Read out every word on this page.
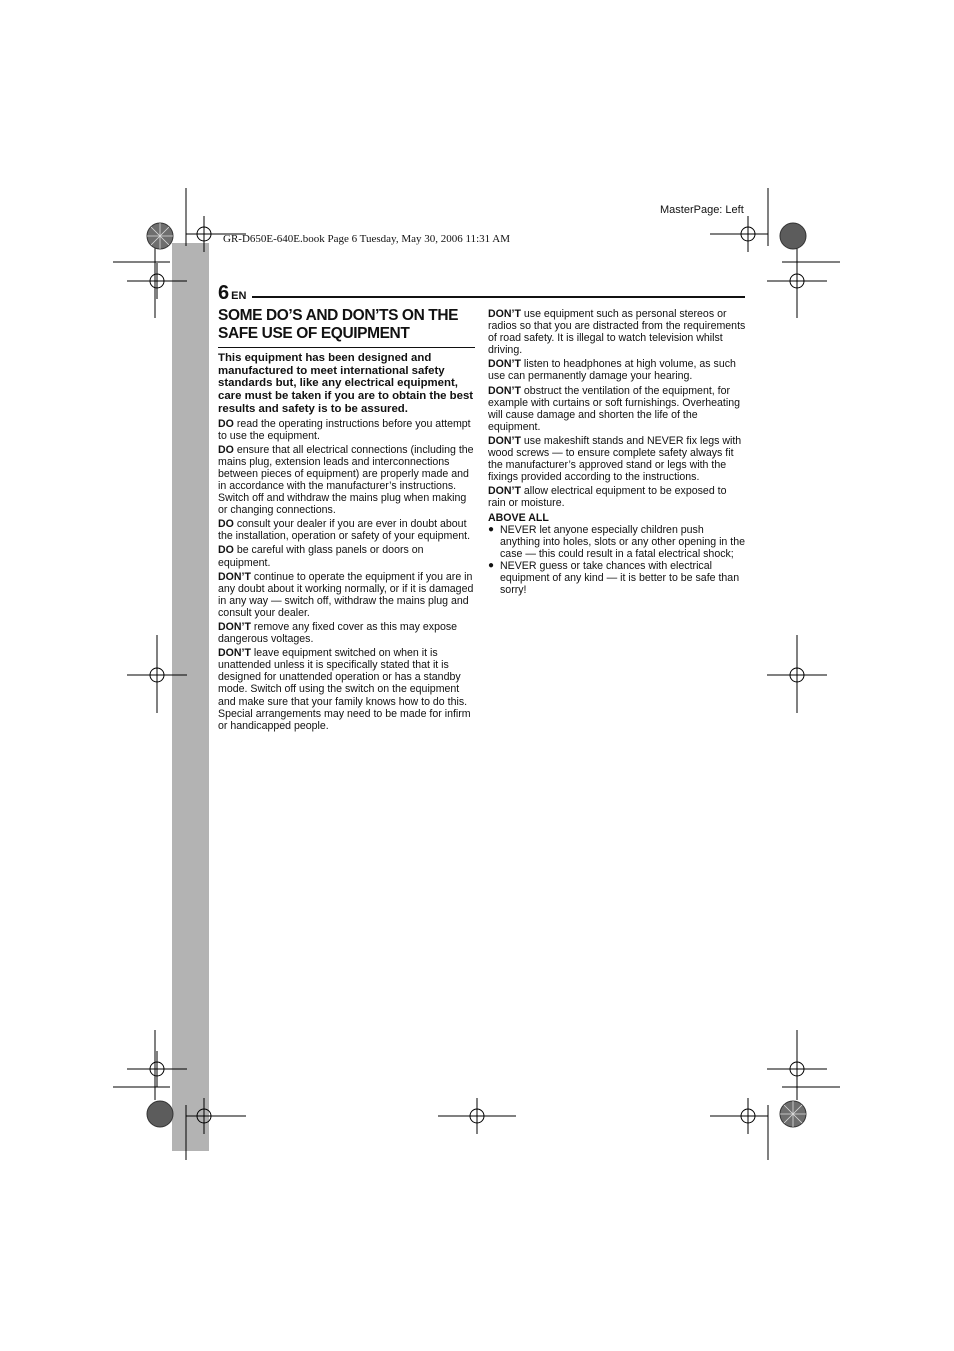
MasterPage: Left
GR-D650E-640E.book Page 6 Tuesday, May 30, 2006 11:31 AM
6 EN
SOME DO’S AND DON’TS ON THE SAFE USE OF EQUIPMENT

This equipment has been designed and manufactured to meet international safety standards but, like any electrical equipment, care must be taken if you are to obtain the best results and safety is to be assured.

DO read the operating instructions before you attempt to use the equipment.

DO ensure that all electrical connections (including the mains plug, extension leads and interconnections between pieces of equipment) are properly made and in accordance with the manufacturer’s instructions. Switch off and withdraw the mains plug when making or changing connections.

DO consult your dealer if you are ever in doubt about the installation, operation or safety of your equipment.

DO be careful with glass panels or doors on equipment.

DON’T continue to operate the equipment if you are in any doubt about it working normally, or if it is damaged in any way — switch off, withdraw the mains plug and consult your dealer.

DON’T remove any fixed cover as this may expose dangerous voltages.

DON’T leave equipment switched on when it is unattended unless it is specifically stated that it is designed for unattended operation or has a standby mode. Switch off using the switch on the equipment and make sure that your family knows how to do this. Special arrangements may need to be made for infirm or handicapped people.

DON’T use equipment such as personal stereos or radios so that you are distracted from the requirements of road safety. It is illegal to watch television whilst driving.

DON’T listen to headphones at high volume, as such use can permanently damage your hearing.

DON’T obstruct the ventilation of the equipment, for example with curtains or soft furnishings. Overheating will cause damage and shorten the life of the equipment.

DON’T use makeshift stands and NEVER fix legs with wood screws — to ensure complete safety always fit the manufacturer’s approved stand or legs with the fixings provided according to the instructions.

DON’T allow electrical equipment to be exposed to rain or moisture.

ABOVE ALL

● NEVER let anyone especially children push anything into holes, slots or any other opening in the case — this could result in a fatal electrical shock;
● NEVER guess or take chances with electrical equipment of any kind — it is better to be safe than sorry!
